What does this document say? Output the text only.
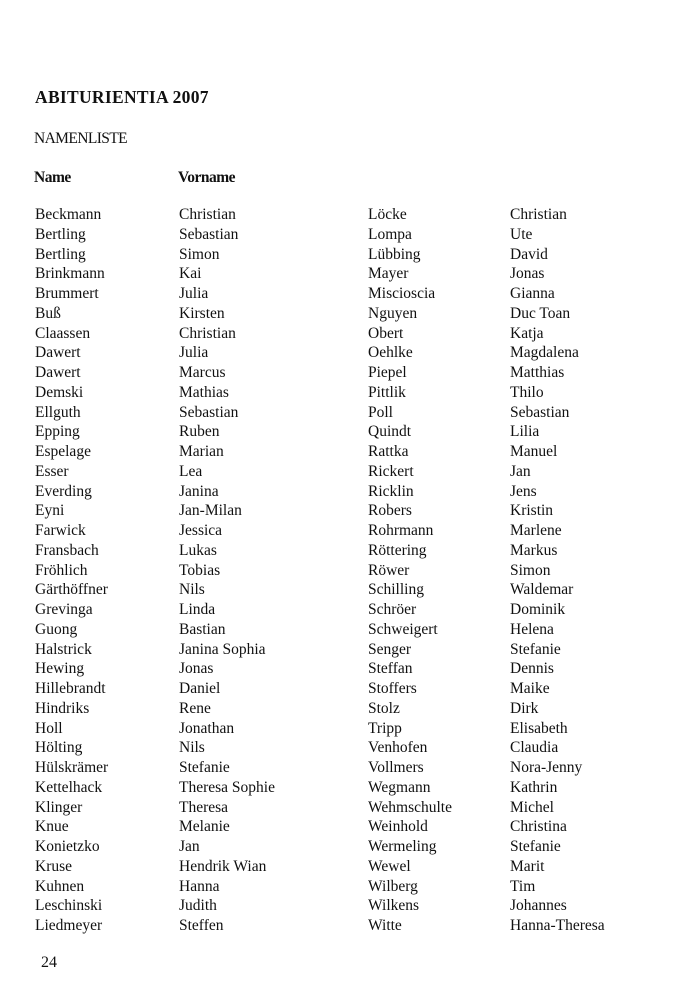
ABITURIENTIA 2007
NAMENLISTE
Name	Vorname
Beckmann
Bertling
Bertling
Brinkmann
Brummert
Buß
Claassen
Dawert
Dawert
Demski
Ellguth
Epping
Espelage
Esser
Everding
Eyni
Farwick
Fransbach
Fröhlich
Gärthöffner
Grevinga
Guong
Halstrick
Hewing
Hillebrandt
Hindriks
Holl
Hölting
Hülskrämer
Kettelhack
Klinger
Knue
Konietzko
Kruse
Kuhnen
Leschinski
Liedmeyer
Christian
Sebastian
Simon
Kai
Julia
Kirsten
Christian
Julia
Marcus
Mathias
Sebastian
Ruben
Marian
Lea
Janina
Jan-Milan
Jessica
Lukas
Tobias
Nils
Linda
Bastian
Janina Sophia
Jonas
Daniel
Rene
Jonathan
Nils
Stefanie
Theresa Sophie
Theresa
Melanie
Jan
Hendrik Wian
Hanna
Judith
Steffen
Löcke
Lompa
Lübbing
Mayer
Miscioscia
Nguyen
Obert
Oehlke
Piepel
Pittlik
Poll
Quindt
Rattka
Rickert
Ricklin
Robers
Rohrmann
Röttering
Röwer
Schilling
Schröer
Schweigert
Senger
Steffan
Stoffers
Stolz
Tripp
Venhofen
Vollmers
Wegmann
Wehmschulte
Weinhold
Wermeling
Wewel
Wilberg
Wilkens
Witte
Christian
Ute
David
Jonas
Gianna
Duc Toan
Katja
Magdalena
Matthias
Thilo
Sebastian
Lilia
Manuel
Jan
Jens
Kristin
Marlene
Markus
Simon
Waldemar
Dominik
Helena
Stefanie
Dennis
Maike
Dirk
Elisabeth
Claudia
Nora-Jenny
Kathrin
Michel
Christina
Stefanie
Marit
Tim
Johannes
Hanna-Theresa
24
